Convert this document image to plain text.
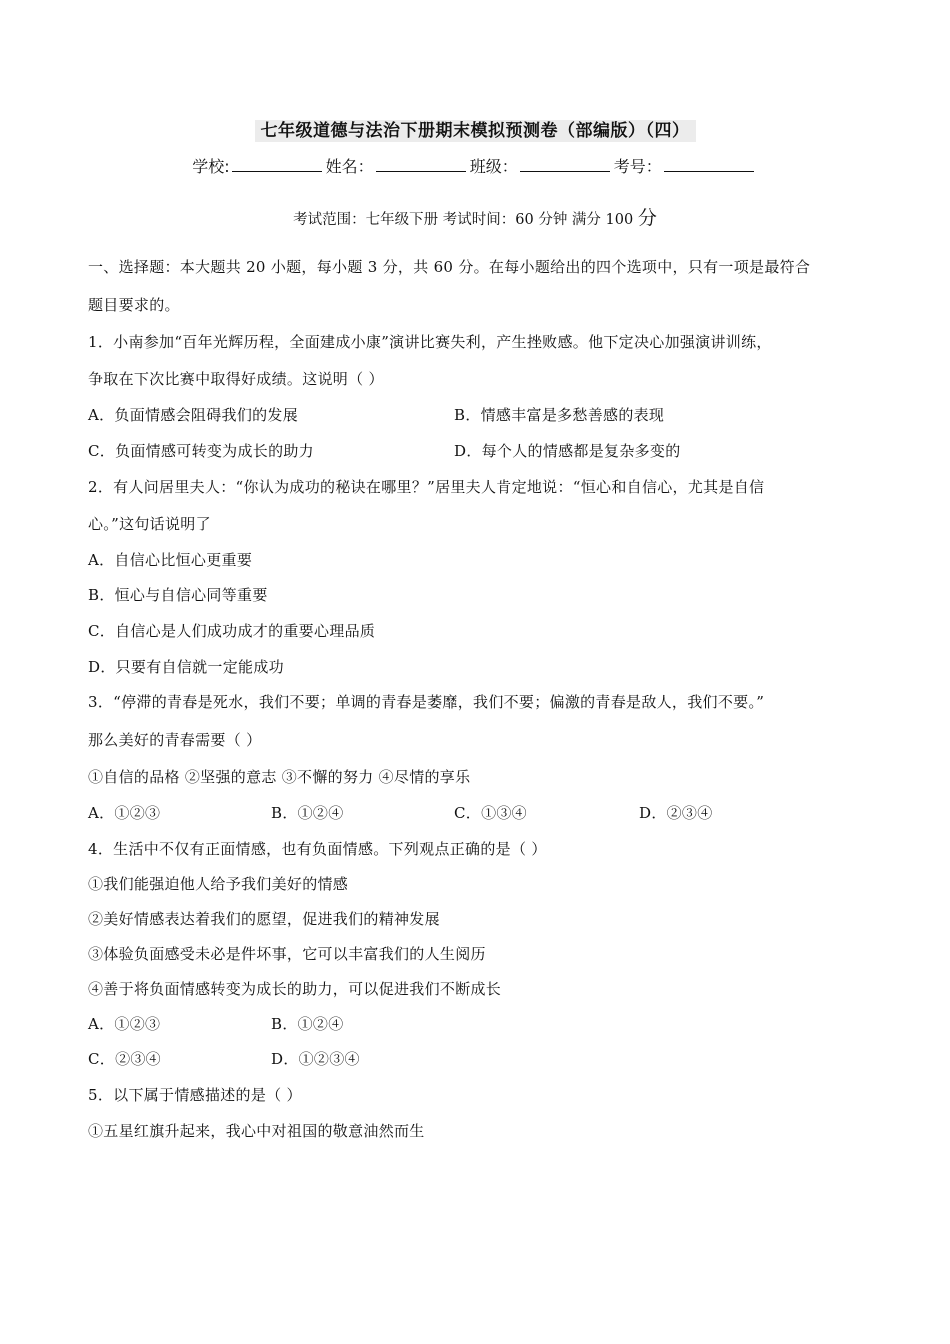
七年级道德与法治下册期末模拟预测卷（部编版）（四）
学校:	姓名：	班级：	考号：
考试范围：七年级下册 考试时间：60 分钟 满分 100 分
一、选择题：本大题共 20 小题，每小题 3 分，共 60 分。在每小题给出的四个选项中，只有一项是最符合
题目要求的。
1．小南参加“百年光辉历程，全面建成小康”演讲比赛失利，产生挫败感。他下定决心加强演讲训练，
争取在下次比赛中取得好成绩。这说明（ ）
A．负面情感会阻碍我们的发展	B．情感丰富是多愁善感的表现
C．负面情感可转变为成长的助力	D．每个人的情感都是复杂多变的
2．有人问居里夫人：“你认为成功的秘诀在哪里？”居里夫人肯定地说：“恒心和自信心，尤其是自信
心。”这句话说明了
A．自信心比恒心更重要
B．恒心与自信心同等重要
C．自信心是人们成功成才的重要心理品质
D．只要有自信就一定能成功
3．“停滞的青春是死水，我们不要；单调的青春是萎靡，我们不要；偏激的青春是敌人，我们不要。”
那么美好的青春需要（ ）
①自信的品格 ②坚强的意志 ③不懈的努力 ④尽情的享乐
A．①②③	B．①②④	C．①③④	D．②③④
4．生活中不仅有正面情感，也有负面情感。下列观点正确的是（ ）
①我们能强迫他人给予我们美好的情感
②美好情感表达着我们的愿望，促进我们的精神发展
③体验负面感受未必是件坏事，它可以丰富我们的人生阅历
④善于将负面情感转变为成长的助力，可以促进我们不断成长
A．①②③	B．①②④
C．②③④	D．①②③④
5．以下属于情感描述的是（ ）
①五星红旗升起来，我心中对祖国的敬意油然而生
